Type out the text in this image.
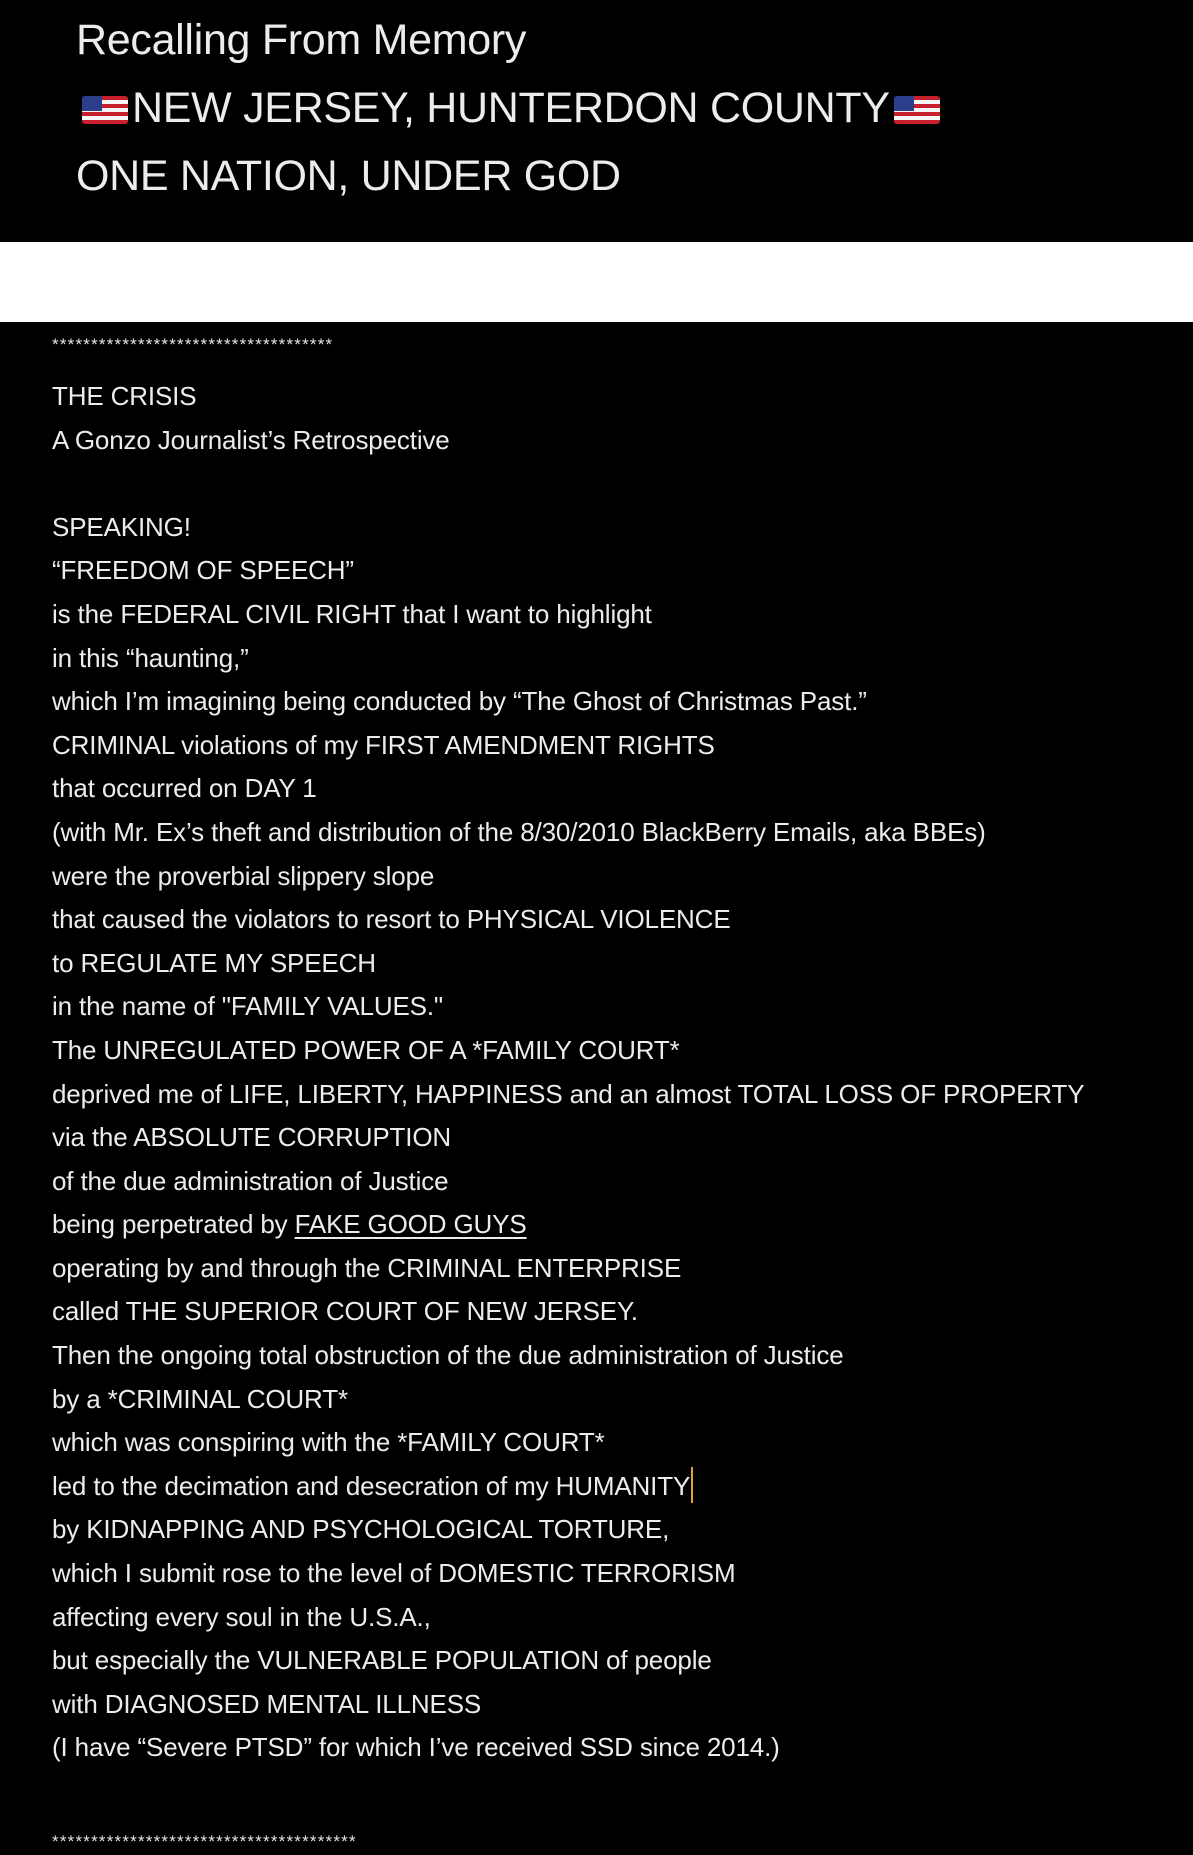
Recalling From Memory
NEW JERSEY, HUNTERDON COUNTY
ONE NATION, UNDER GOD
************************************
THE CRISIS
A Gonzo Journalist’s Retrospective
SPEAKING!
“FREEDOM OF SPEECH”
is the FEDERAL CIVIL RIGHT that I want to highlight
in this “haunting,”
which I’m imagining being conducted by “The Ghost of Christmas Past.”
CRIMINAL violations of my FIRST AMENDMENT RIGHTS
that occurred on DAY 1
(with Mr. Ex’s theft and distribution of the 8/30/2010 BlackBerry Emails, aka BBEs)
were the proverbial slippery slope
that caused the violators to resort to PHYSICAL VIOLENCE
to REGULATE MY SPEECH
in the name of "FAMILY VALUES."
The UNREGULATED POWER OF A *FAMILY COURT*
deprived me of LIFE, LIBERTY, HAPPINESS and an almost TOTAL LOSS OF PROPERTY
via the ABSOLUTE CORRUPTION
of the due administration of Justice
being perpetrated by FAKE GOOD GUYS
operating by and through the CRIMINAL ENTERPRISE
called THE SUPERIOR COURT OF NEW JERSEY.
Then the ongoing total obstruction of the due administration of Justice
by a *CRIMINAL COURT*
which was conspiring with the *FAMILY COURT*
led to the decimation and desecration of my HUMANITY
by KIDNAPPING AND PSYCHOLOGICAL TORTURE,
which I submit rose to the level of DOMESTIC TERRORISM
affecting every soul in the U.S.A.,
but especially the VULNERABLE POPULATION of people
with DIAGNOSED MENTAL ILLNESS
(I have “Severe PTSD” for which I’ve received SSD since 2014.)
***************************************
